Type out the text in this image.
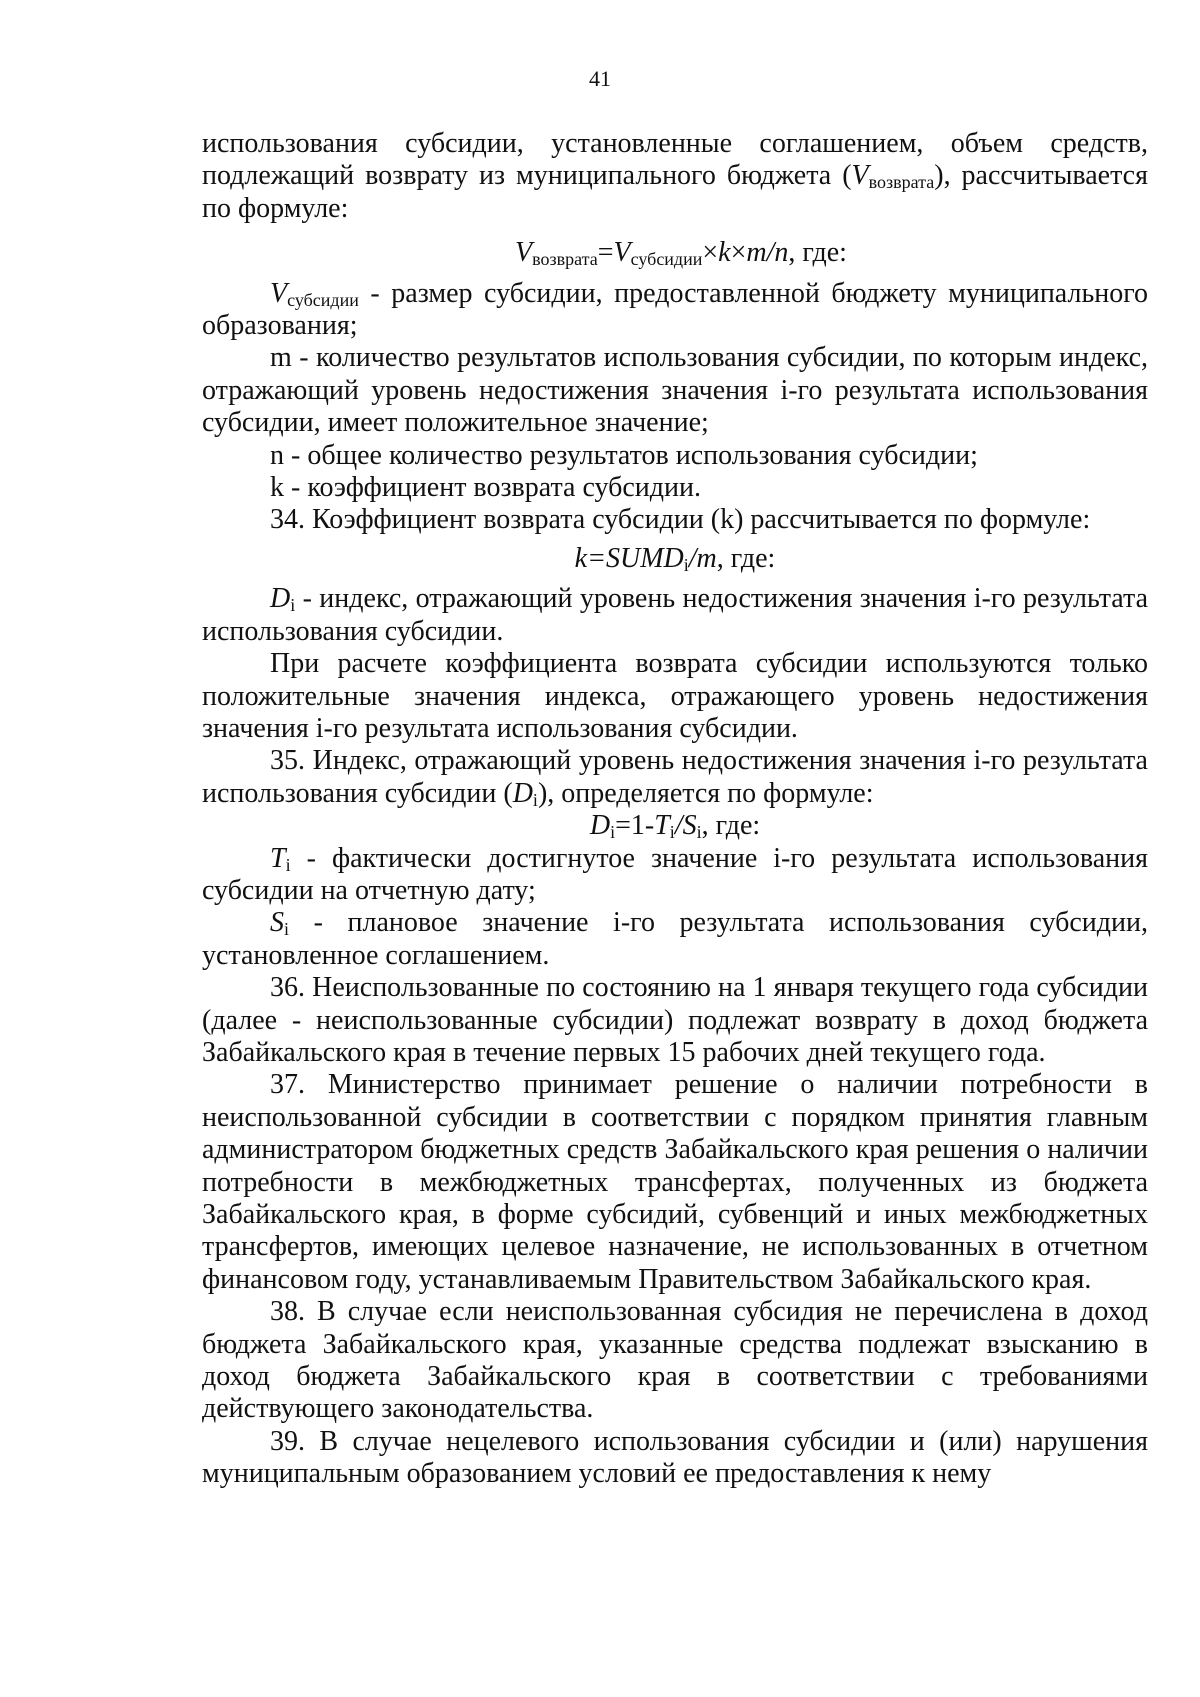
41

использования субсидии, установленные соглашением, объем средств, подлежащий возврату из муниципального бюджета $(V_{возврата})$, рассчитывается по формуле:

$V_{возврата}=V_{субсидии}\times k\times m/n$, где:

$V_{субсидии}$ - размер субсидии, предоставленной бюджету муниципального образования;

m - количество результатов использования субсидии, по которым индекс, отражающий уровень недостижения значения i-го результата использования субсидии, имеет положительное значение;

n - общее количество результатов использования субсидии;

k - коэффициент возврата субсидии.

34. Коэффициент возврата субсидии (k) рассчитывается по формуле:

$k=SUMD_i/m$, где:

$D_i$ - индекс, отражающий уровень недостижения значения i-го результата использования субсидии.

При расчете коэффициента возврата субсидии используются только положительные значения индекса, отражающего уровень недостижения значения i-го результата использования субсидии.

35. Индекс, отражающий уровень недостижения значения i-го результата использования субсидии $(D_i)$, определяется по формуле:

$D_i=1-T_i/S_i$, где:

$T_i$ - фактически достигнутое значение i-го результата использования субсидии на отчетную дату;

$S_i$ - плановое значение i-го результата использования субсидии, установленное соглашением.

36. Неиспользованные по состоянию на 1 января текущего года субсидии (далее - неиспользованные субсидии) подлежат возврату в доход бюджета Забайкальского края в течение первых 15 рабочих дней текущего года.

37. Министерство принимает решение о наличии потребности в неиспользованной субсидии в соответствии с порядком принятия главным администратором бюджетных средств Забайкальского края решения о наличии потребности в межбюджетных трансфертах, полученных из бюджета Забайкальского края, в форме субсидий, субвенций и иных межбюджетных трансфертов, имеющих целевое назначение, не использованных в отчетном финансовом году, устанавливаемым Правительством Забайкальского края.

38. В случае если неиспользованная субсидия не перечислена в доход бюджета Забайкальского края, указанные средства подлежат взысканию в доход бюджета Забайкальского края в соответствии с требованиями действующего законодательства.

39. В случае нецелевого использования субсидии и (или) нарушения муниципальным образованием условий ее предоставления к нему
